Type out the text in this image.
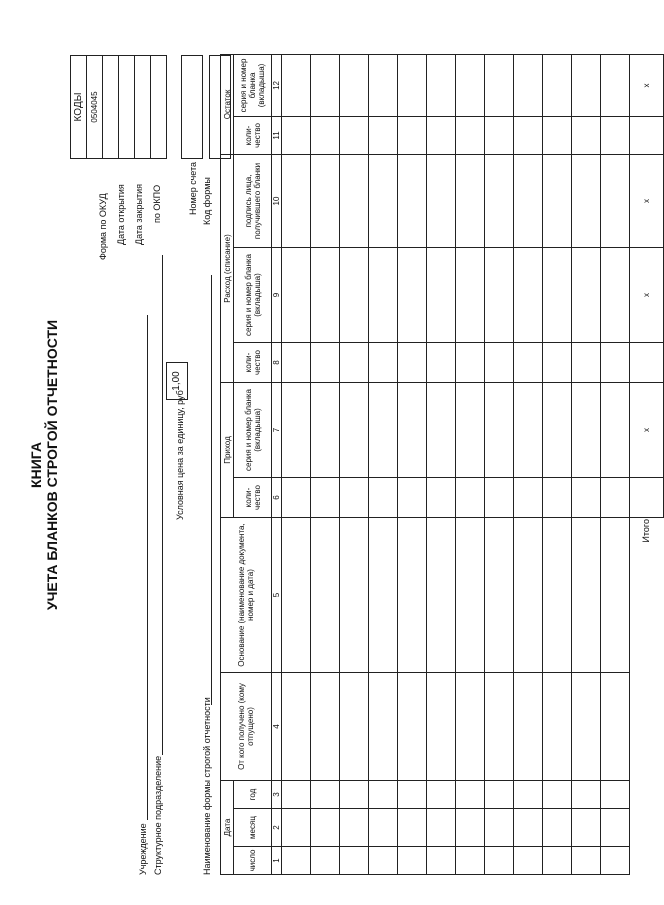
КНИГА УЧЕТА БЛАНКОВ СТРОГОЙ ОТЧЕТНОСТИ
Форма по ОКУД Дата открытия Дата закрытия по ОКПО
КОДЫ
0504045

Учреждение Структурное подразделение
Условная цена за единицу, руб
1,00
Номер счета
Наименование формы строгой отчетности
Код формы
Дата			От кого получено (кому отпущено)	Основание (наименование документа, номер и дата)	Приход		Расход (списание)			Остаток	
число	месяц	год			коли- чество	серия и номер бланка (вкладыша)	коли- чество	серия и номер бланка (вкладыша)	подпись лица, получившего бланки	коли- чество	серия и номер бланка (вкладыша)
1	2	3	4	5	6	7	8	9	10	11	12

				Итого		х		х	х		х
